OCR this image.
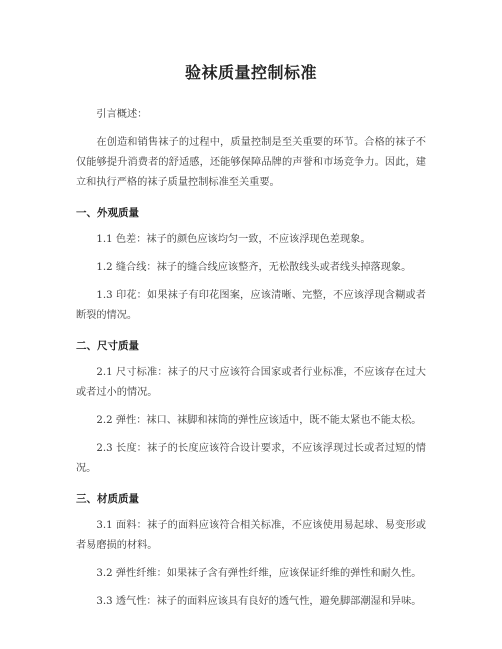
验袜质量控制标准

引言概述：

在创造和销售袜子的过程中，质量控制是至关重要的环节。合格的袜子不仅能够提升消费者的舒适感，还能够保障品牌的声誉和市场竞争力。因此，建立和执行严格的袜子质量控制标准至关重要。

一、外观质量

1.1 色差：袜子的颜色应该均匀一致，不应该浮现色差现象。

1.2 缝合线：袜子的缝合线应该整齐，无松散线头或者线头掉落现象。

1.3 印花：如果袜子有印花图案，应该清晰、完整，不应该浮现含糊或者断裂的情况。

二、尺寸质量

2.1 尺寸标准：袜子的尺寸应该符合国家或者行业标准，不应该存在过大或者过小的情况。

2.2 弹性：袜口、袜脚和袜筒的弹性应该适中，既不能太紧也不能太松。

2.3 长度：袜子的长度应该符合设计要求，不应该浮现过长或者过短的情况。

三、材质质量

3.1 面料：袜子的面料应该符合相关标准，不应该使用易起球、易变形或者易磨损的材料。

3.2 弹性纤维：如果袜子含有弹性纤维，应该保证纤维的弹性和耐久性。

3.3 透气性：袜子的面料应该具有良好的透气性，避免脚部潮湿和异味。
